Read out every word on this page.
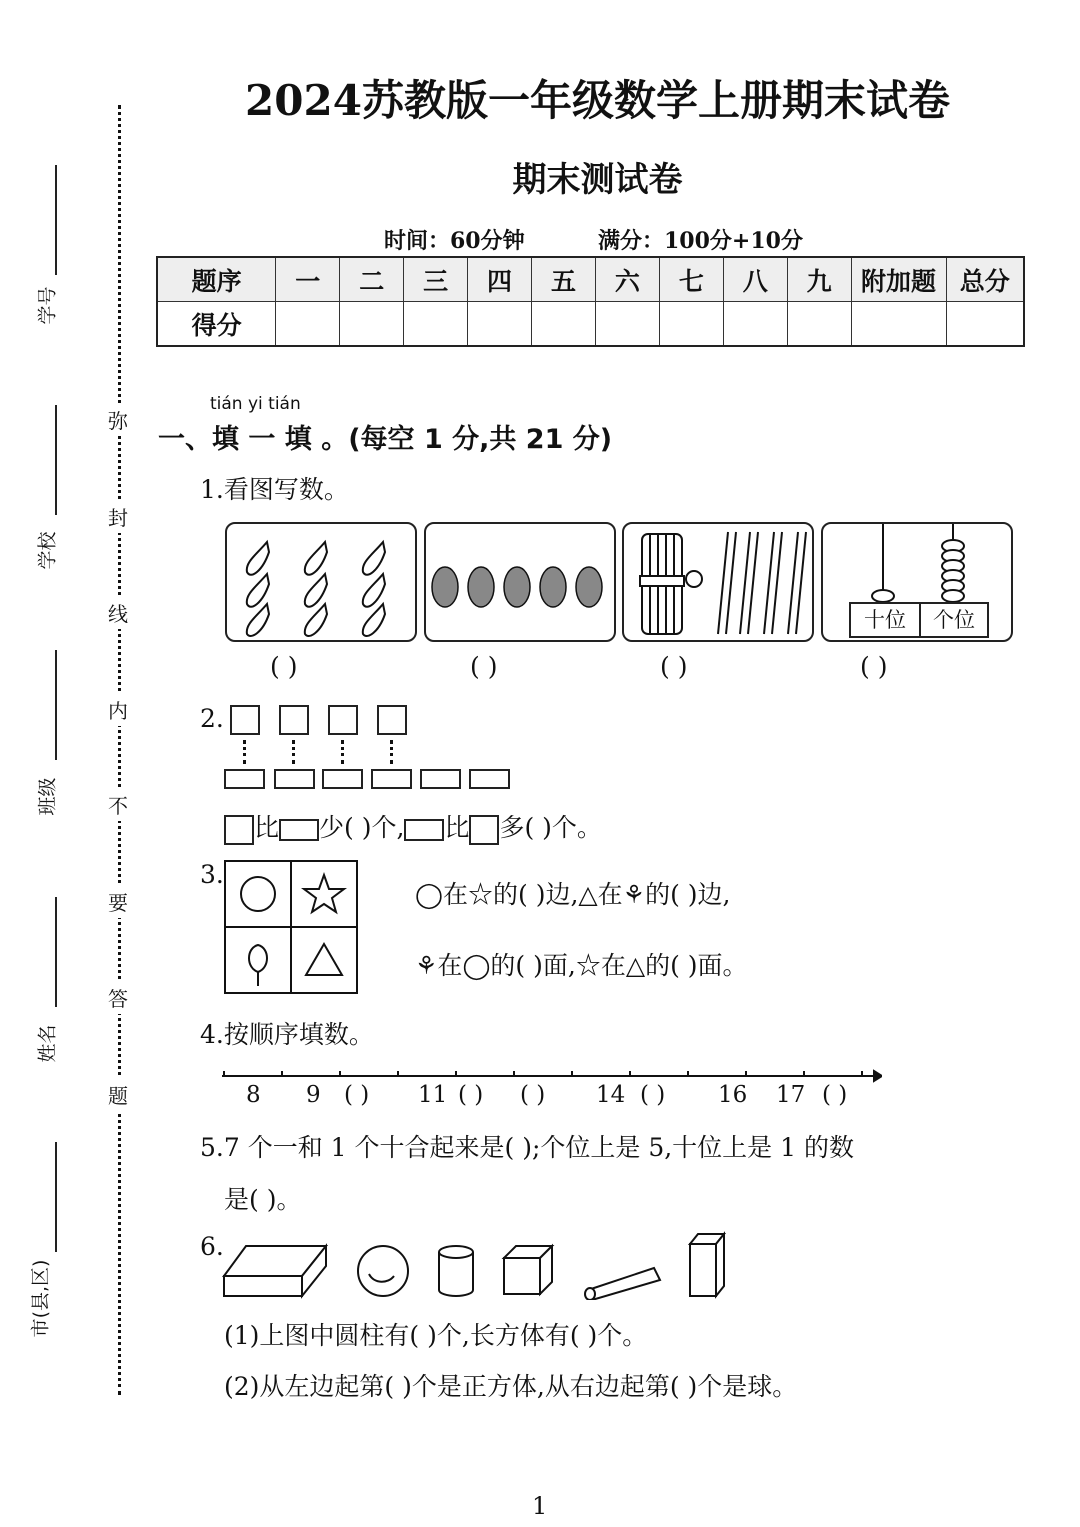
2024苏教版一年级数学上册期末试卷
期末测试卷
时间：60分钟	满分：100分+10分
题序	一	二	三	四	五	六	七	八	九	附加题	总分
得分											
弥
封
线
内
不
要
答
题
学号
学校
班级
姓名
市(县,区)
tián yi tián
一、填 一 填 。(每空 1 分,共 21 分)
1.看图写数。
十位	个位
( )	( )	( )	( )
2.
比 少( )个, 比 多( )个。
3.
◯在☆的( )边,△在⚘的( )边,
⚘在◯的( )面,☆在△的( )面。
4.按顺序填数。
8 9 ( ) 11 ( ) ( ) 14 ( ) 16 17 ( )
5.7 个一和 1 个十合起来是( );个位上是 5,十位上是 1 的数
是( )。
6.
(1)上图中圆柱有( )个,长方体有( )个。
(2)从左边起第( )个是正方体,从右边起第( )个是球。
1
